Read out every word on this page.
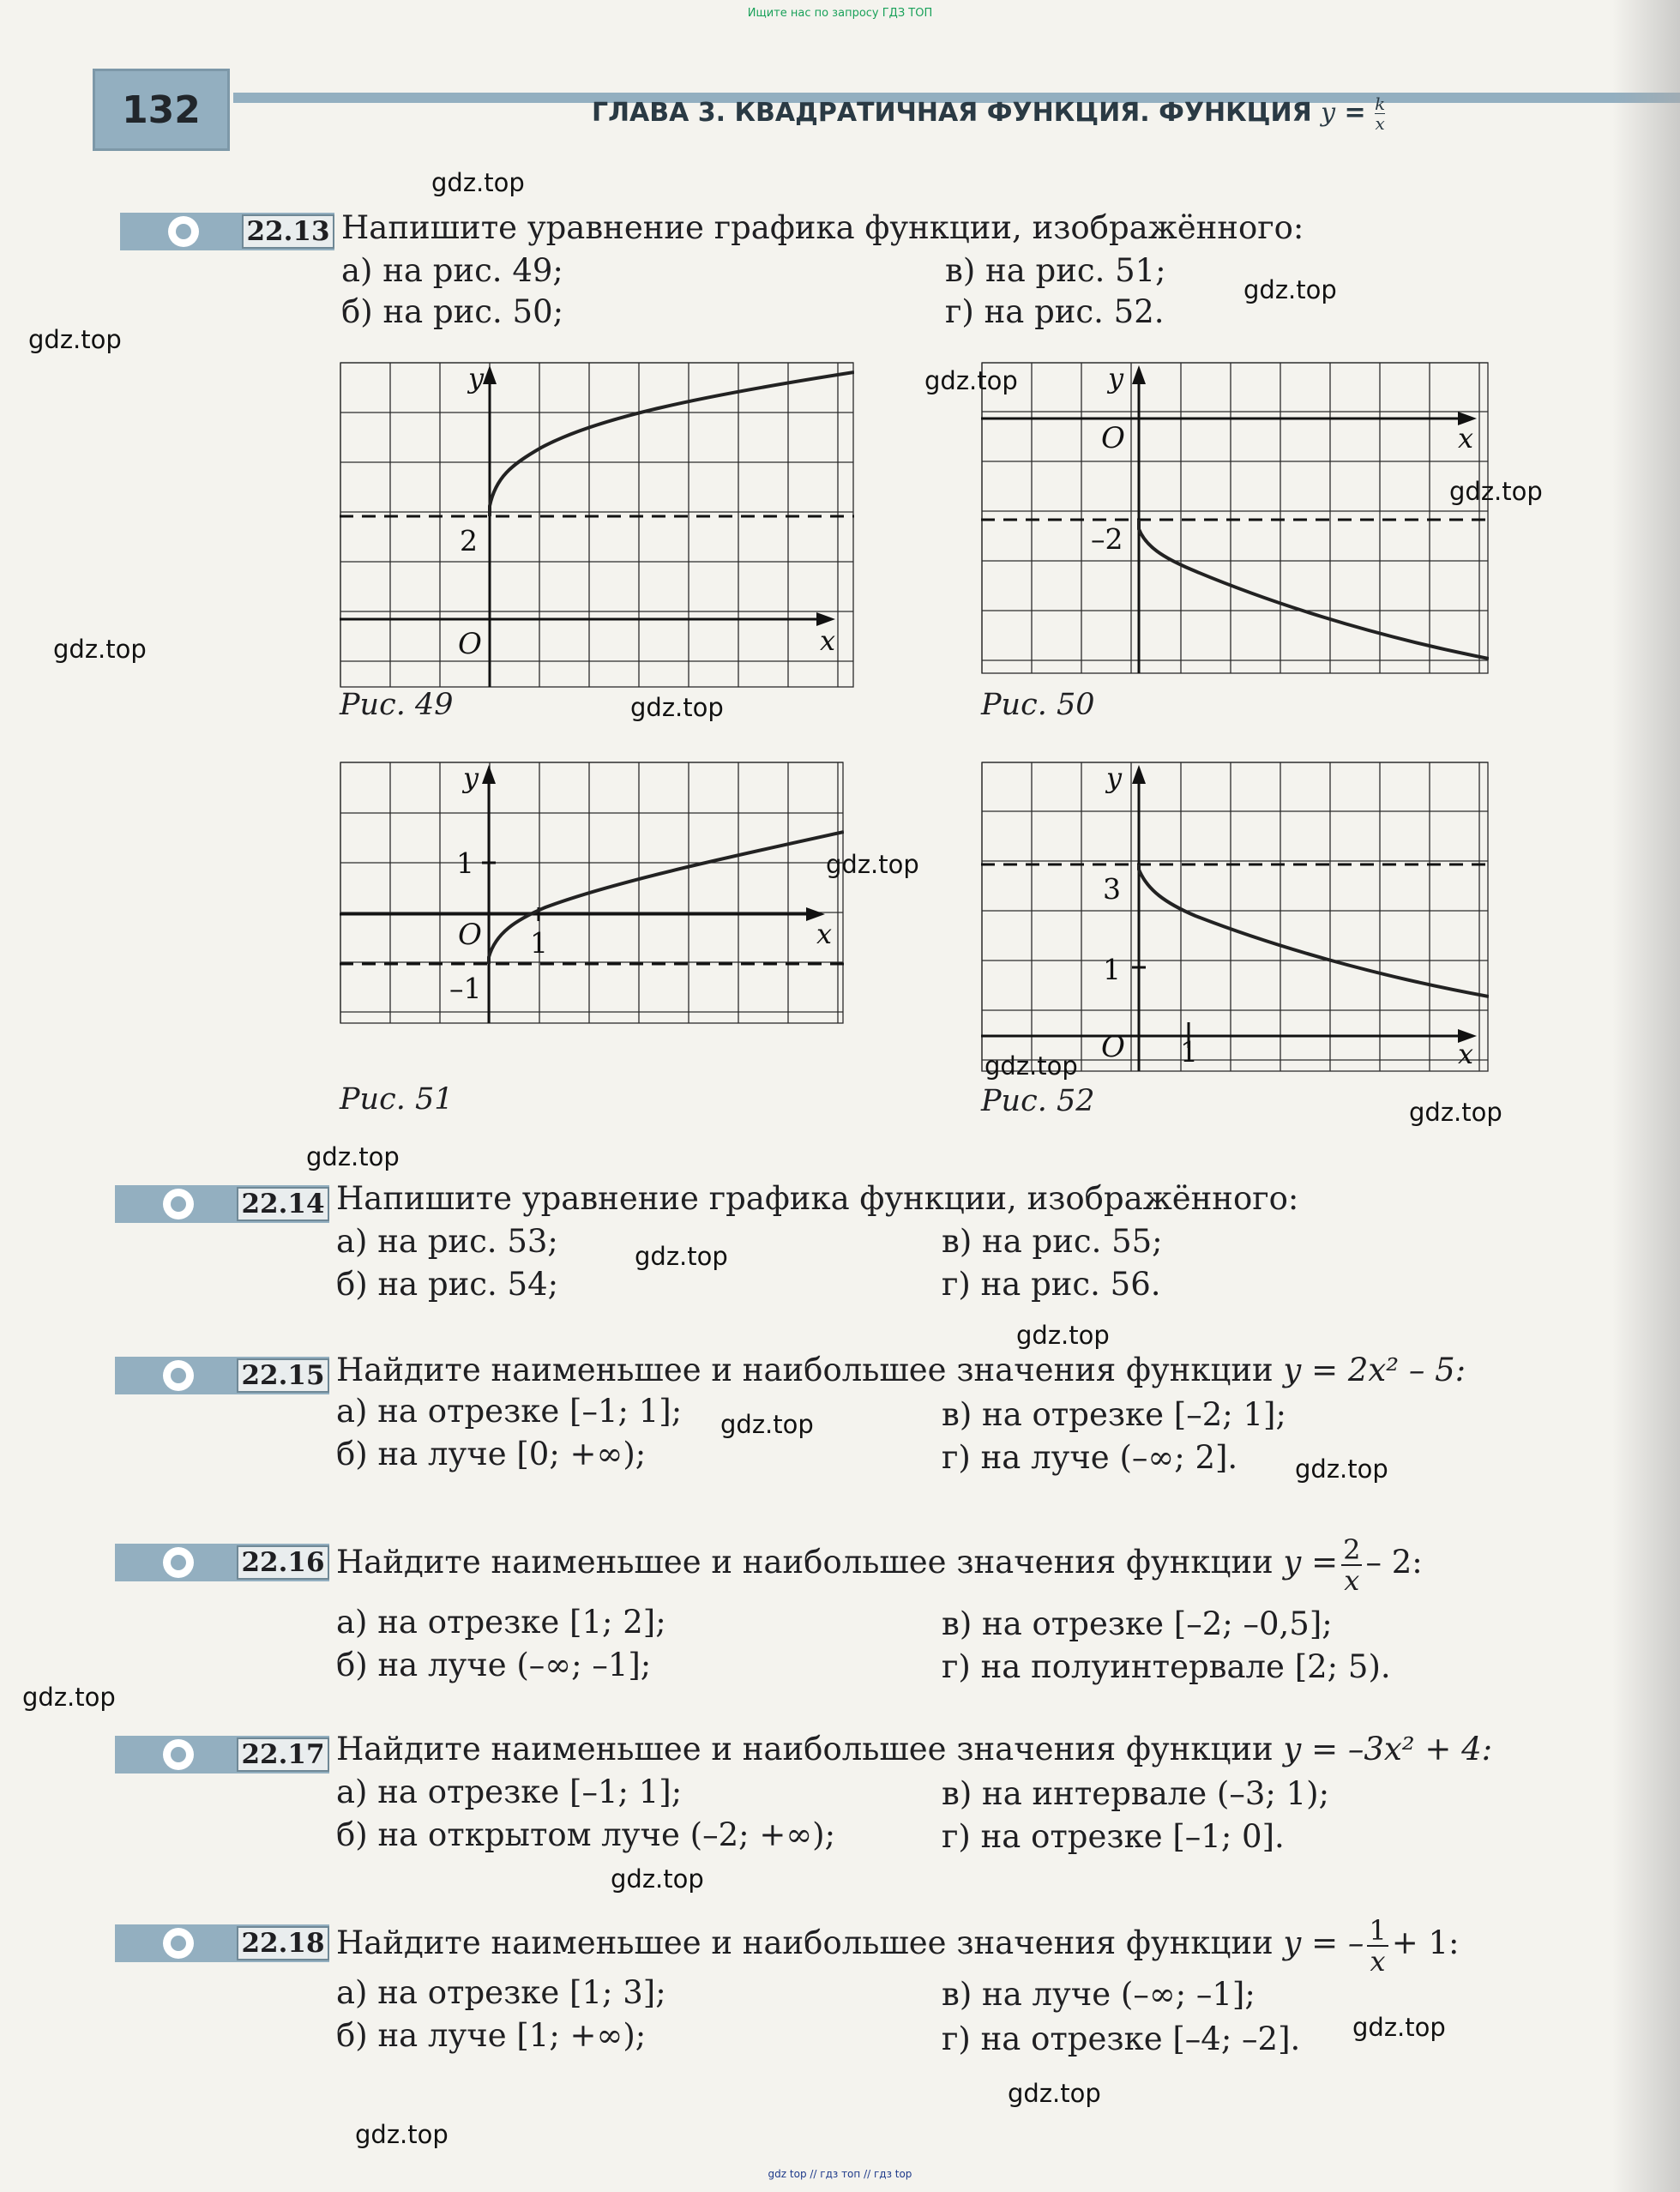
Ищите нас по запросу ГДЗ ТОП
132	ГЛАВА 3. КВАДРАТИЧНАЯ ФУНКЦИЯ. ФУНКЦИЯ $y = \frac{k}{x}$
22.13 Напишите уравнение графика функции, изображённого:
а) на рис. 49;
б) на рис. 50;
в) на рис. 51;
г) на рис. 52.
y
x
O
2
Рис. 49
y
x
O
–2
Рис. 50
y
x
O
1
–1
1
Рис. 51
y
x
O
3
1
1
Рис. 52
22.14 Напишите уравнение графика функции, изображённого:
а) на рис. 53;
б) на рис. 54;
в) на рис. 55;
г) на рис. 56.
22.15 Найдите наименьшее и наибольшее значения функции y = 2x² – 5:
а) на отрезке [–1; 1];
б) на луче [0; +∞);
в) на отрезке [–2; 1];
г) на луче (–∞; 2].
22.16 Найдите наименьшее и наибольшее значения функции $y = \frac{2}{x} - 2$:
а) на отрезке [1; 2];
б) на луче (–∞; –1];
в) на отрезке [–2; –0,5];
г) на полуинтервале [2; 5).
22.17 Найдите наименьшее и наибольшее значения функции y = –3x² + 4:
а) на отрезке [–1; 1];
б) на открытом луче (–2; +∞);
в) на интервале (–3; 1);
г) на отрезке [–1; 0].
22.18 Найдите наименьшее и наибольшее значения функции y = – $\frac{1}{x} + 1$:
а) на отрезке [1; 3];
б) на луче [1; +∞);
в) на луче (–∞; –1];
г) на отрезке [–4; –2].
gdz.top
gdz.top
gdz.top
gdz.top
gdz.top
gdz.top
gdz.top
gdz.top
gdz.top
gdz.top
gdz.top
gdz.top
gdz.top
gdz.top
gdz.top
gdz.top
gdz.top
gdz.top
gdz.top
gdz.top
gdz top // гдз топ // гдз top
